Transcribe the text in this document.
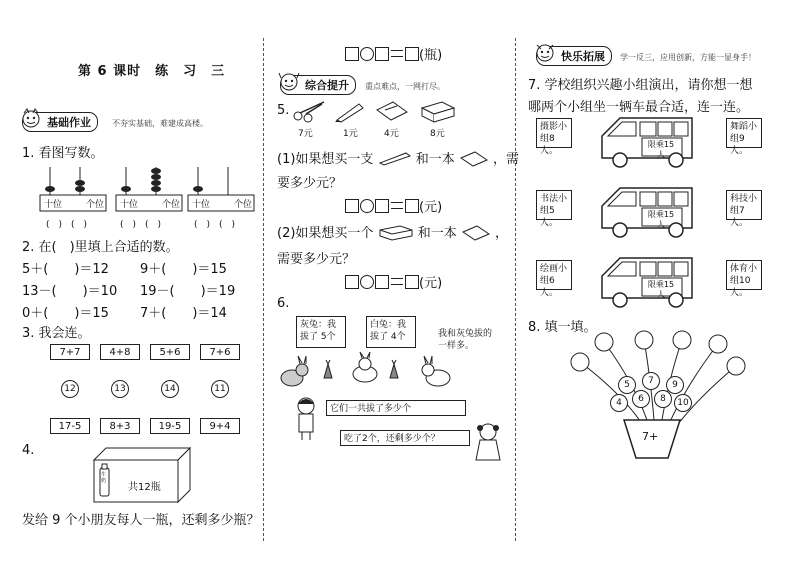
第 6 课时　练　习　三
基础作业	不夯实基础，难建成高楼。
1. 看图写数。
十位	个位 十位	个位 十位	个位
(　)　(　)	(　)　(　)	(　)　(　)
2. 在(　)里填上合适的数。
5＋(　　)＝12 9＋(　　)＝15
13－(　　)＝10 19－(　　)＝19
0＋(　　)＝15 7＋(　　)＝14
3. 我会连。
7+7	4+8	5+6	7+6
12	13	14	11
17-5	8+3	19-5	9+4
4.
牛奶
共12瓶
发给 9 个小朋友每人一瓶，还剩多少瓶？
(瓶)
综合提升 重点难点，一网打尽。
5.
7元	1元	4元	8元
(1)如果想买一支	和一本	，需
要多少元？
(元)
(2)如果想买一个	和一本	，
需要多少元？
(元)
6.
灰兔：我拔了 5个
白兔：我拔了 4个	我和灰兔拔的一样多。
它们一共拔了多少个
吃了2个，还剩多少个？
快乐拓展 学一反三，应用创新，方能一显身手！
7. 学校组织兴趣小组演出，请你想一想
哪两个小组坐一辆车最合适，连一连。
摄影小组8人。
书法小组5人。
绘画小组6人。
舞蹈小组9人。
科技小组7人。
体育小组10人。
限乘15人
限乘15人
限乘15人
8. 填一填。
5	7	9
4	6	8	10
7+
